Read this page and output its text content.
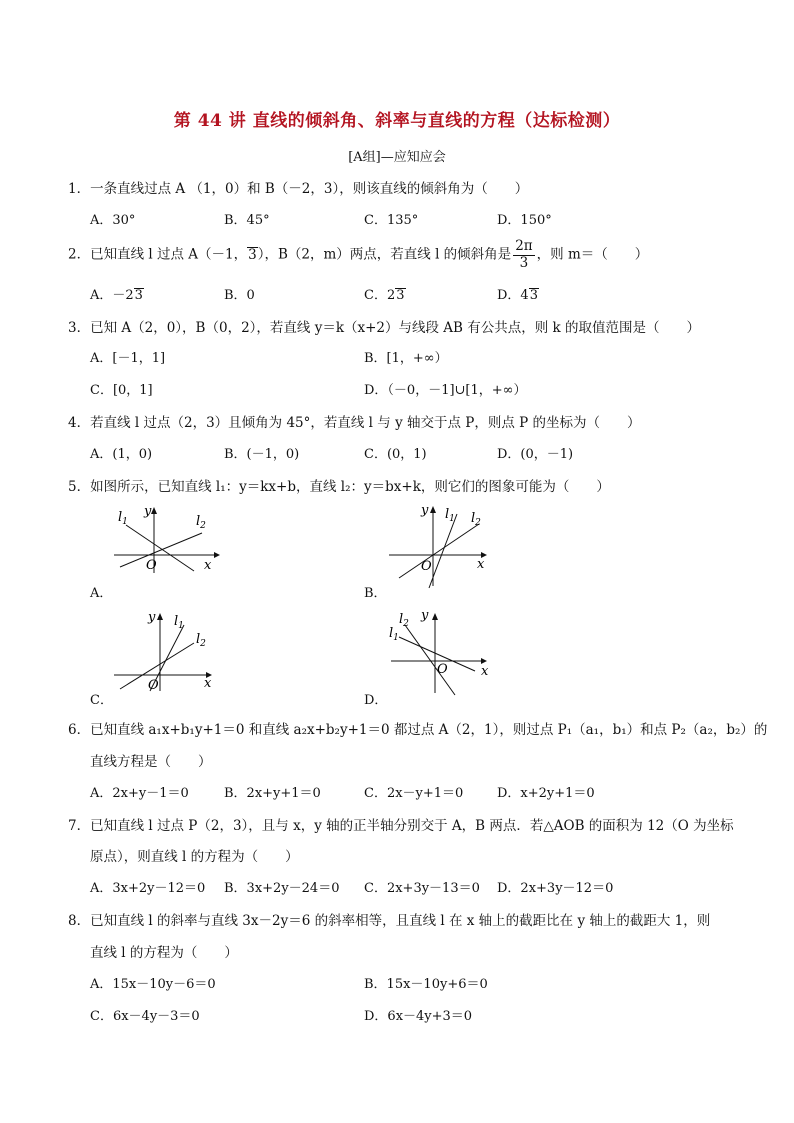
第 44 讲 直线的倾斜角、斜率与直线的方程（达标检测）
[A组]—应知应会
1．一条直线过点 A （1，0）和 B（－2，3），则该直线的倾斜角为（　　）
A．30°	B．45°	C．135°	D．150°
2．已知直线 l 过点 A（－1，3），B（2，m）两点，若直线 l 的倾斜角是 $\frac{2\pi}{3}$ ，则 m＝（　　）
A．－23	B．0	C．23	D．43
3．已知 A（2，0），B（0，2），若直线 y＝k（x+2）与线段 AB 有公共点，则 k 的取值范围是（　　）
A．[－1，1]	B．[1，+∞）
C．[0，1]	D．（－0，－1]∪[1，+∞）
4．若直线 l 过点（2，3）且倾角为 45°，若直线 l 与 y 轴交于点 P，则点 P 的坐标为（　　）
A．(1，0)	B．(－1，0)	C．(0，1)	D．(0，－1)
5．如图所示，已知直线 l₁：y＝kx+b，直线 l₂：y＝bx+k，则它们的图象可能为（　　）
$l_1$	$l_2$
y
x
O
A．
$l_1$ $l_2$
y
x
O
B．
$l_1$
$l_2$
y
x
O
C．
$l_2$
$l_1$
y
x
O
D．
6．已知直线 a₁x+b₁y+1＝0 和直线 a₂x+b₂y+1＝0 都过点 A（2，1），则过点 P₁（a₁，b₁）和点 P₂（a₂，b₂）的
直线方程是（　　）
A．2x+y－1＝0	B．2x+y+1＝0	C．2x－y+1＝0	D．x+2y+1＝0
7．已知直线 l 过点 P（2，3），且与 x，y 轴的正半轴分别交于 A，B 两点．若△AOB 的面积为 12（O 为坐标
原点），则直线 l 的方程为（　　）
A．3x+2y－12＝0 B．3x+2y－24＝0 C．2x+3y－13＝0 D．2x+3y－12＝0
8．已知直线 l 的斜率与直线 3x－2y＝6 的斜率相等，且直线 l 在 x 轴上的截距比在 y 轴上的截距大 1，则
直线 l 的方程为（　　）
A．15x－10y－6＝0	B．15x－10y+6＝0
C．6x－4y－3＝0	D．6x－4y+3＝0
